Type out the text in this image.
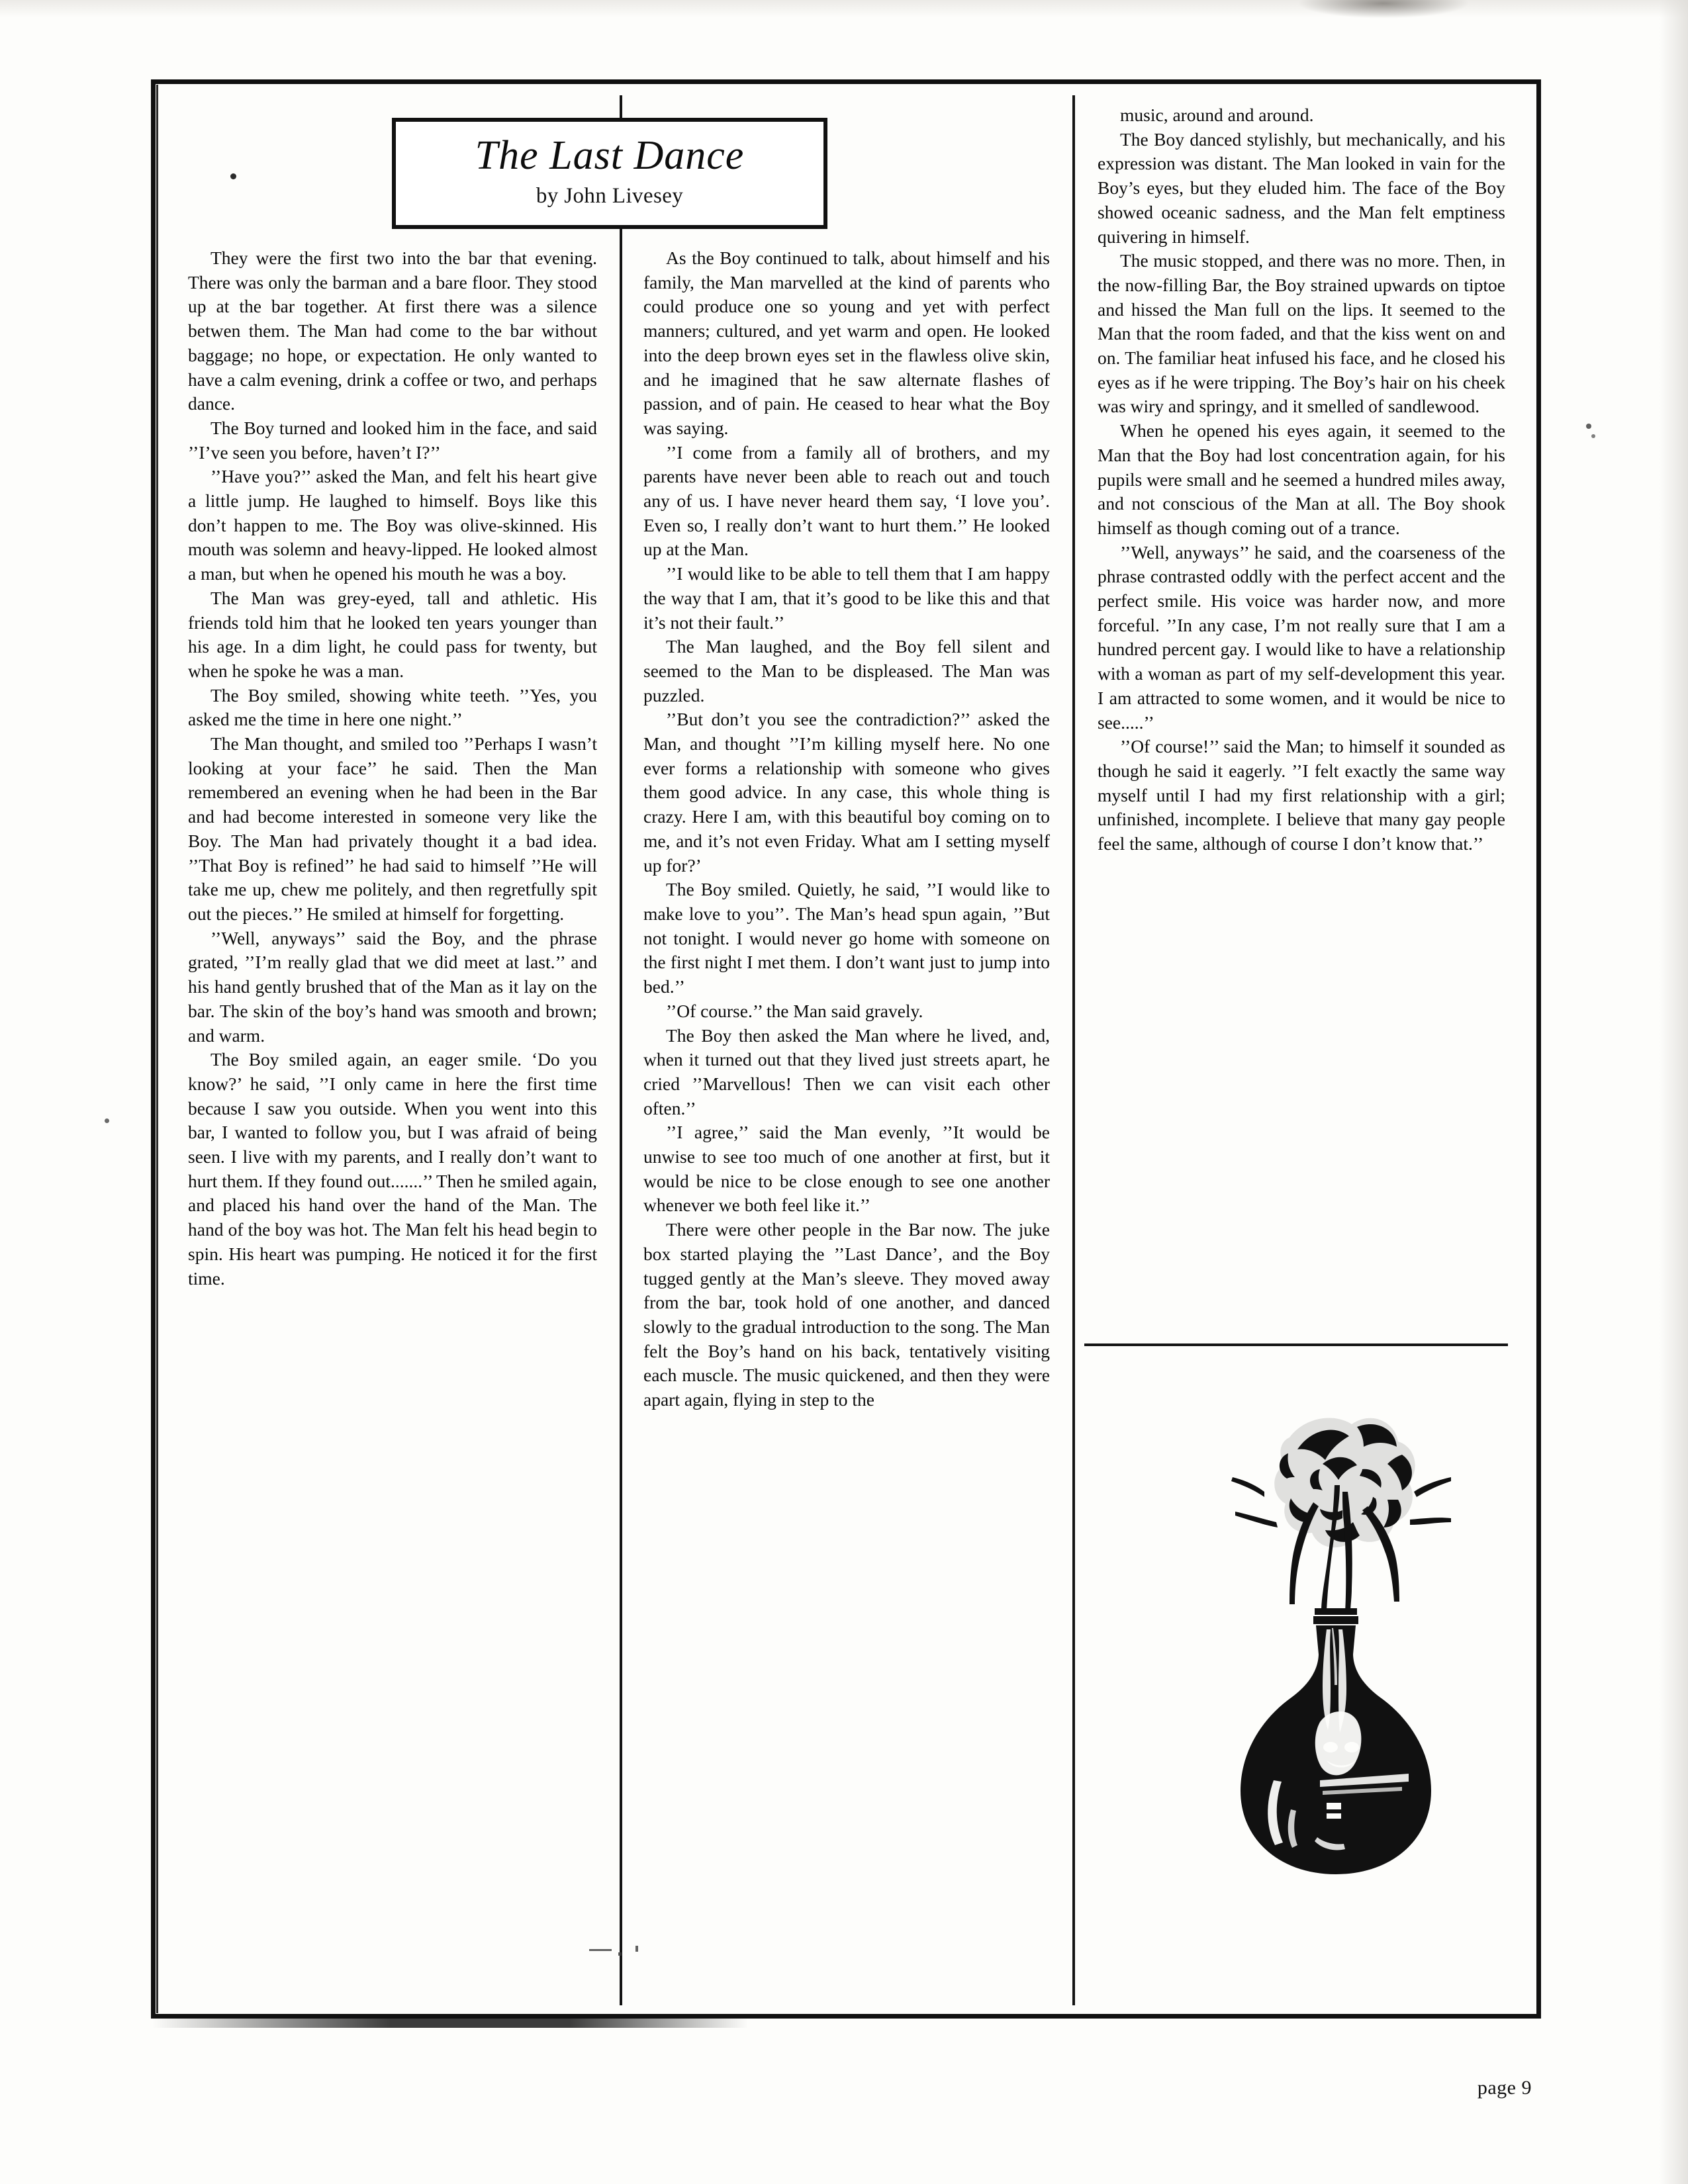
They were the first two into the bar that evening. There was only the barman and a bare floor. They stood up at the bar together. At first there was a silence betwen them. The Man had come to the bar without baggage; no hope, or expectation. He only wanted to have a calm evening, drink a coffee or two, and perhaps dance.

The Boy turned and looked him in the face, and said ’’I’ve seen you before, haven’t I?’’

’’Have you?’’ asked the Man, and felt his heart give a little jump. He laughed to himself. Boys like this don’t happen to me. The Boy was olive-skinned. His mouth was solemn and heavy-lipped. He looked almost a man, but when he opened his mouth he was a boy.

The Man was grey-eyed, tall and athletic. His friends told him that he looked ten years younger than his age. In a dim light, he could pass for twenty, but when he spoke he was a man.

The Boy smiled, showing white teeth. ’’Yes, you asked me the time in here one night.’’

The Man thought, and smiled too ’’Perhaps I wasn’t looking at your face’’ he said. Then the Man remembered an evening when he had been in the Bar and had become interested in someone very like the Boy. The Man had privately thought it a bad idea. ’’That Boy is refined’’ he had said to himself ’’He will take me up, chew me politely, and then regretfully spit out the pieces.’’ He smiled at himself for forgetting.

’’Well, anyways’’ said the Boy, and the phrase grated, ’’I’m really glad that we did meet at last.’’ and his hand gently brushed that of the Man as it lay on the bar. The skin of the boy’s hand was smooth and brown; and warm.

The Boy smiled again, an eager smile. ‘Do you know?’ he said, ’’I only came in here the first time because I saw you outside. When you went into this bar, I wanted to follow you, but I was afraid of being seen. I live with my parents, and I really don’t want to hurt them. If they found out.......’’ Then he smiled again, and placed his hand over the hand of the Man. The hand of the boy was hot. The Man felt his head begin to spin. His heart was pumping. He noticed it for the first time.

As the Boy continued to talk, about himself and his family, the Man marvelled at the kind of parents who could produce one so young and yet with perfect manners; cultured, and yet warm and open. He looked into the deep brown eyes set in the flawless olive skin, and he imagined that he saw alternate flashes of passion, and of pain. He ceased to hear what the Boy was saying.

’’I come from a family all of brothers, and my parents have never been able to reach out and touch any of us. I have never heard them say, ‘I love you’. Even so, I really don’t want to hurt them.’’ He looked up at the Man.

’’I would like to be able to tell them that I am happy the way that I am, that it’s good to be like this and that it’s not their fault.’’

The Man laughed, and the Boy fell silent and seemed to the Man to be displeased. The Man was puzzled.

’’But don’t you see the contradiction?’’ asked the Man, and thought ’’I’m killing myself here. No one ever forms a relationship with someone who gives them good advice. In any case, this whole thing is crazy. Here I am, with this beautiful boy coming on to me, and it’s not even Friday. What am I setting myself up for?’

The Boy smiled. Quietly, he said, ’’I would like to make love to you’’. The Man’s head spun again, ’’But not tonight. I would never go home with someone on the first night I met them. I don’t want just to jump into bed.’’

’’Of course.’’ the Man said gravely.

The Boy then asked the Man where he lived, and, when it turned out that they lived just streets apart, he cried ’’Marvellous! Then we can visit each other often.’’

’’I agree,’’ said the Man evenly, ’’It would be unwise to see too much of one another at first, but it would be nice to be close enough to see one another whenever we both feel like it.’’

There were other people in the Bar now. The juke box started playing the ’’Last Dance’, and the Boy tugged gently at the Man’s sleeve. They moved away from the bar, took hold of one another, and danced slowly to the gradual introduction to the song. The Man felt the Boy’s hand on his back, tentatively visiting each muscle. The music quickened, and then they were apart again, flying in step to the

music, around and around.

The Boy danced stylishly, but mechanically, and his expression was distant. The Man looked in vain for the Boy’s eyes, but they eluded him. The face of the Boy showed oceanic sadness, and the Man felt emptiness quivering in himself.

The music stopped, and there was no more. Then, in the now-filling Bar, the Boy strained upwards on tiptoe and hissed the Man full on the lips. It seemed to the Man that the room faded, and that the kiss went on and on. The familiar heat infused his face, and he closed his eyes as if he were tripping. The Boy’s hair on his cheek was wiry and springy, and it smelled of sandlewood.

When he opened his eyes again, it seemed to the Man that the Boy had lost concentration again, for his pupils were small and he seemed a hundred miles away, and not conscious of the Man at all. The Boy shook himself as though coming out of a trance.

’’Well, anyways’’ he said, and the coarseness of the phrase contrasted oddly with the perfect accent and the perfect smile. His voice was harder now, and more forceful. ’’In any case, I’m not really sure that I am a hundred percent gay. I would like to have a relationship with a woman as part of my self-development this year. I am attracted to some women, and it would be nice to see.....’’

’’Of course!’’ said the Man; to himself it sounded as though he said it eagerly. ’’I felt exactly the same way myself until I had my first relationship with a girl; unfinished, incomplete. I believe that many gay people feel the same, although of course I don’t know that.’’

The Last Dance
by John Livesey
page 9
